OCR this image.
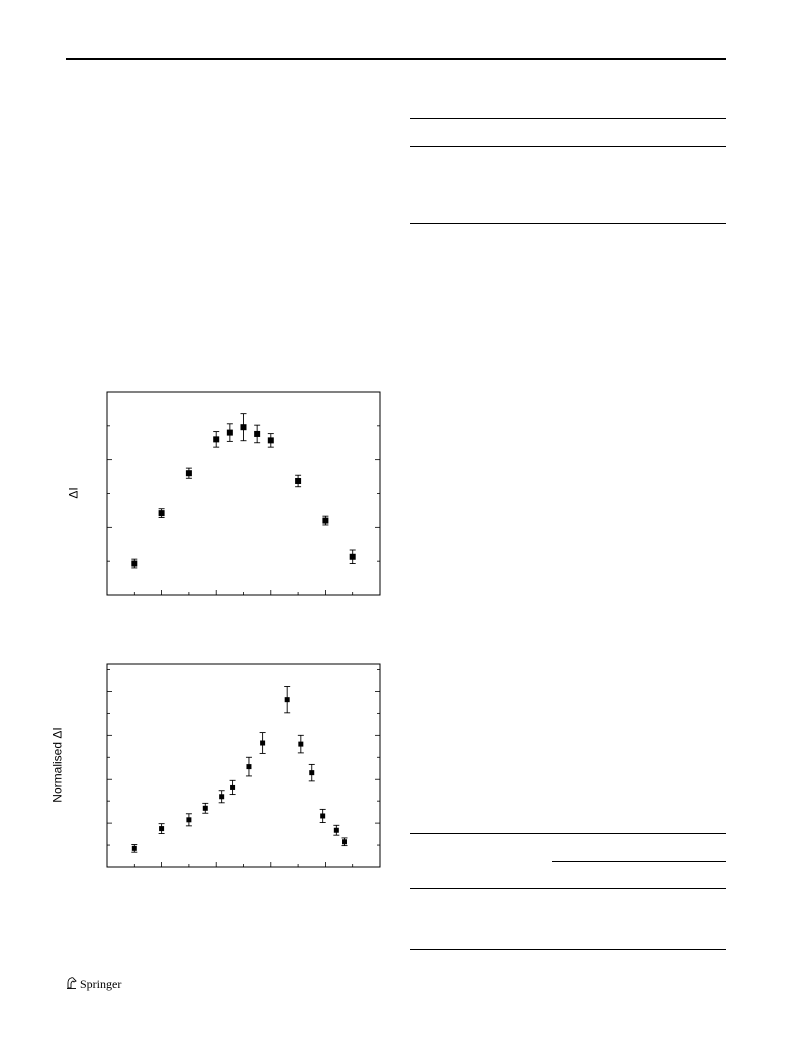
ΔI
Normalised ΔI
Springer
